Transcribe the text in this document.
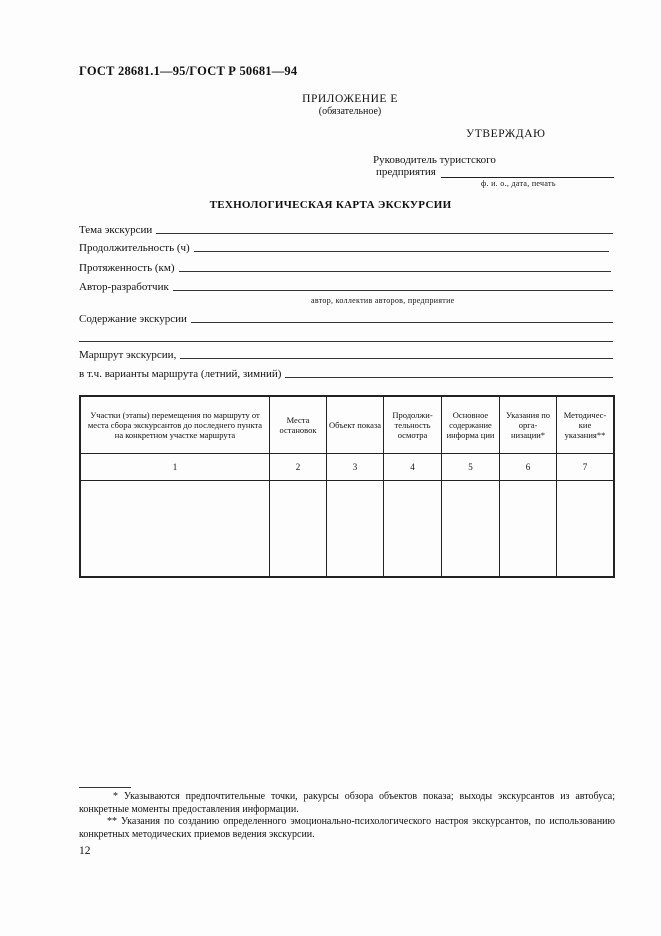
ГОСТ 28681.1—95/ГОСТ Р 50681—94
ПРИЛОЖЕНИЕ Е
(обязательное)
УТВЕРЖДАЮ
Руководитель туристского
предприятия
ф. и. о., дата, печать
ТЕХНОЛОГИЧЕСКАЯ КАРТА ЭКСКУРСИИ
Тема экскурсии
Продолжительность (ч)
Протяженность (км)
Автор-разработчик
автор, коллектив авторов, предприятие
Содержание экскурсии
Маршрут экскурсии,
в т.ч. варианты маршрута (летний, зимний)
Участки (этапы) перемещения по маршруту от места сбора экскурсантов до последнего пункта на конкретном участке маршрута	Места остановок	Объект показа	Продолжи-тельность осмотра	Основное содержание информа ции	Указания по орга-низации*	Методичес-кие указания**
1	2	3	4	5	6	7

* Указываются предпочтительные точки, ракурсы обзора объектов показа; выходы экскурсантов из автобуса; конкретные моменты предоставления информации.
** Указания по созданию определенного эмоционально-психологического настроя экскурсантов, по использованию конкретных методических приемов ведения экскурсии.
12
